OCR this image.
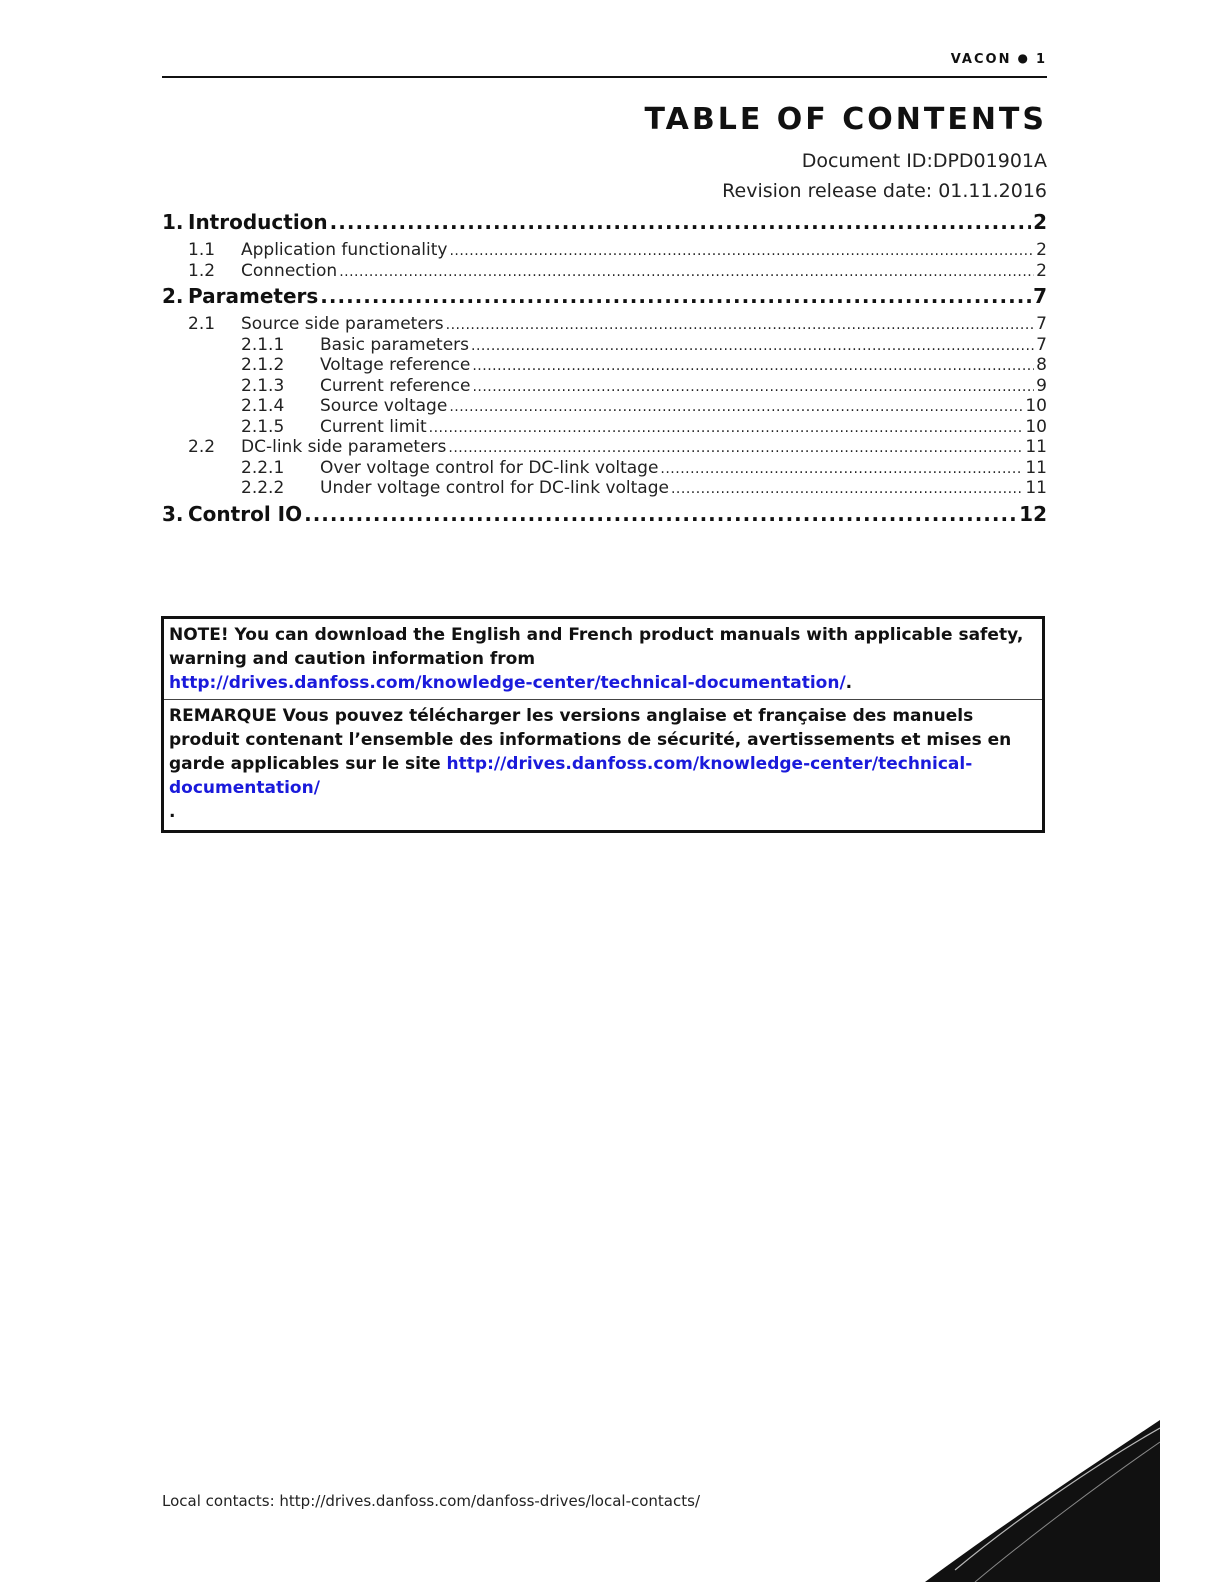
VACON ● 1
TABLE OF CONTENTS
Document ID:DPD01901A
Revision release date: 01.11.2016
1. Introduction .....	2
1.1	Application functionality .....	2
1.2	Connection .....	2
2. Parameters .....	7
2.1	Source side parameters .....	7
2.1.1	Basic parameters .....	7
2.1.2	Voltage reference .....	8
2.1.3	Current reference .....	9
2.1.4	Source voltage .....	10
2.1.5	Current limit .....	10
2.2	DC-link side parameters .....	11
2.2.1	Over voltage control for DC-link voltage .....	11
2.2.2	Under voltage control for DC-link voltage .....	11
3. Control IO .....	12
NOTE! You can download the English and French product manuals with applicable safety, warning and caution information from
http://drives.danfoss.com/knowledge-center/technical-documentation/.
REMARQUE Vous pouvez télécharger les versions anglaise et française des manuels produit contenant l’ensemble des informations de sécurité, avertissements et mises en garde applicables sur le site http://drives.danfoss.com/knowledge-center/technical-documentation/
.
Local contacts: http://drives.danfoss.com/danfoss-drives/local-contacts/
